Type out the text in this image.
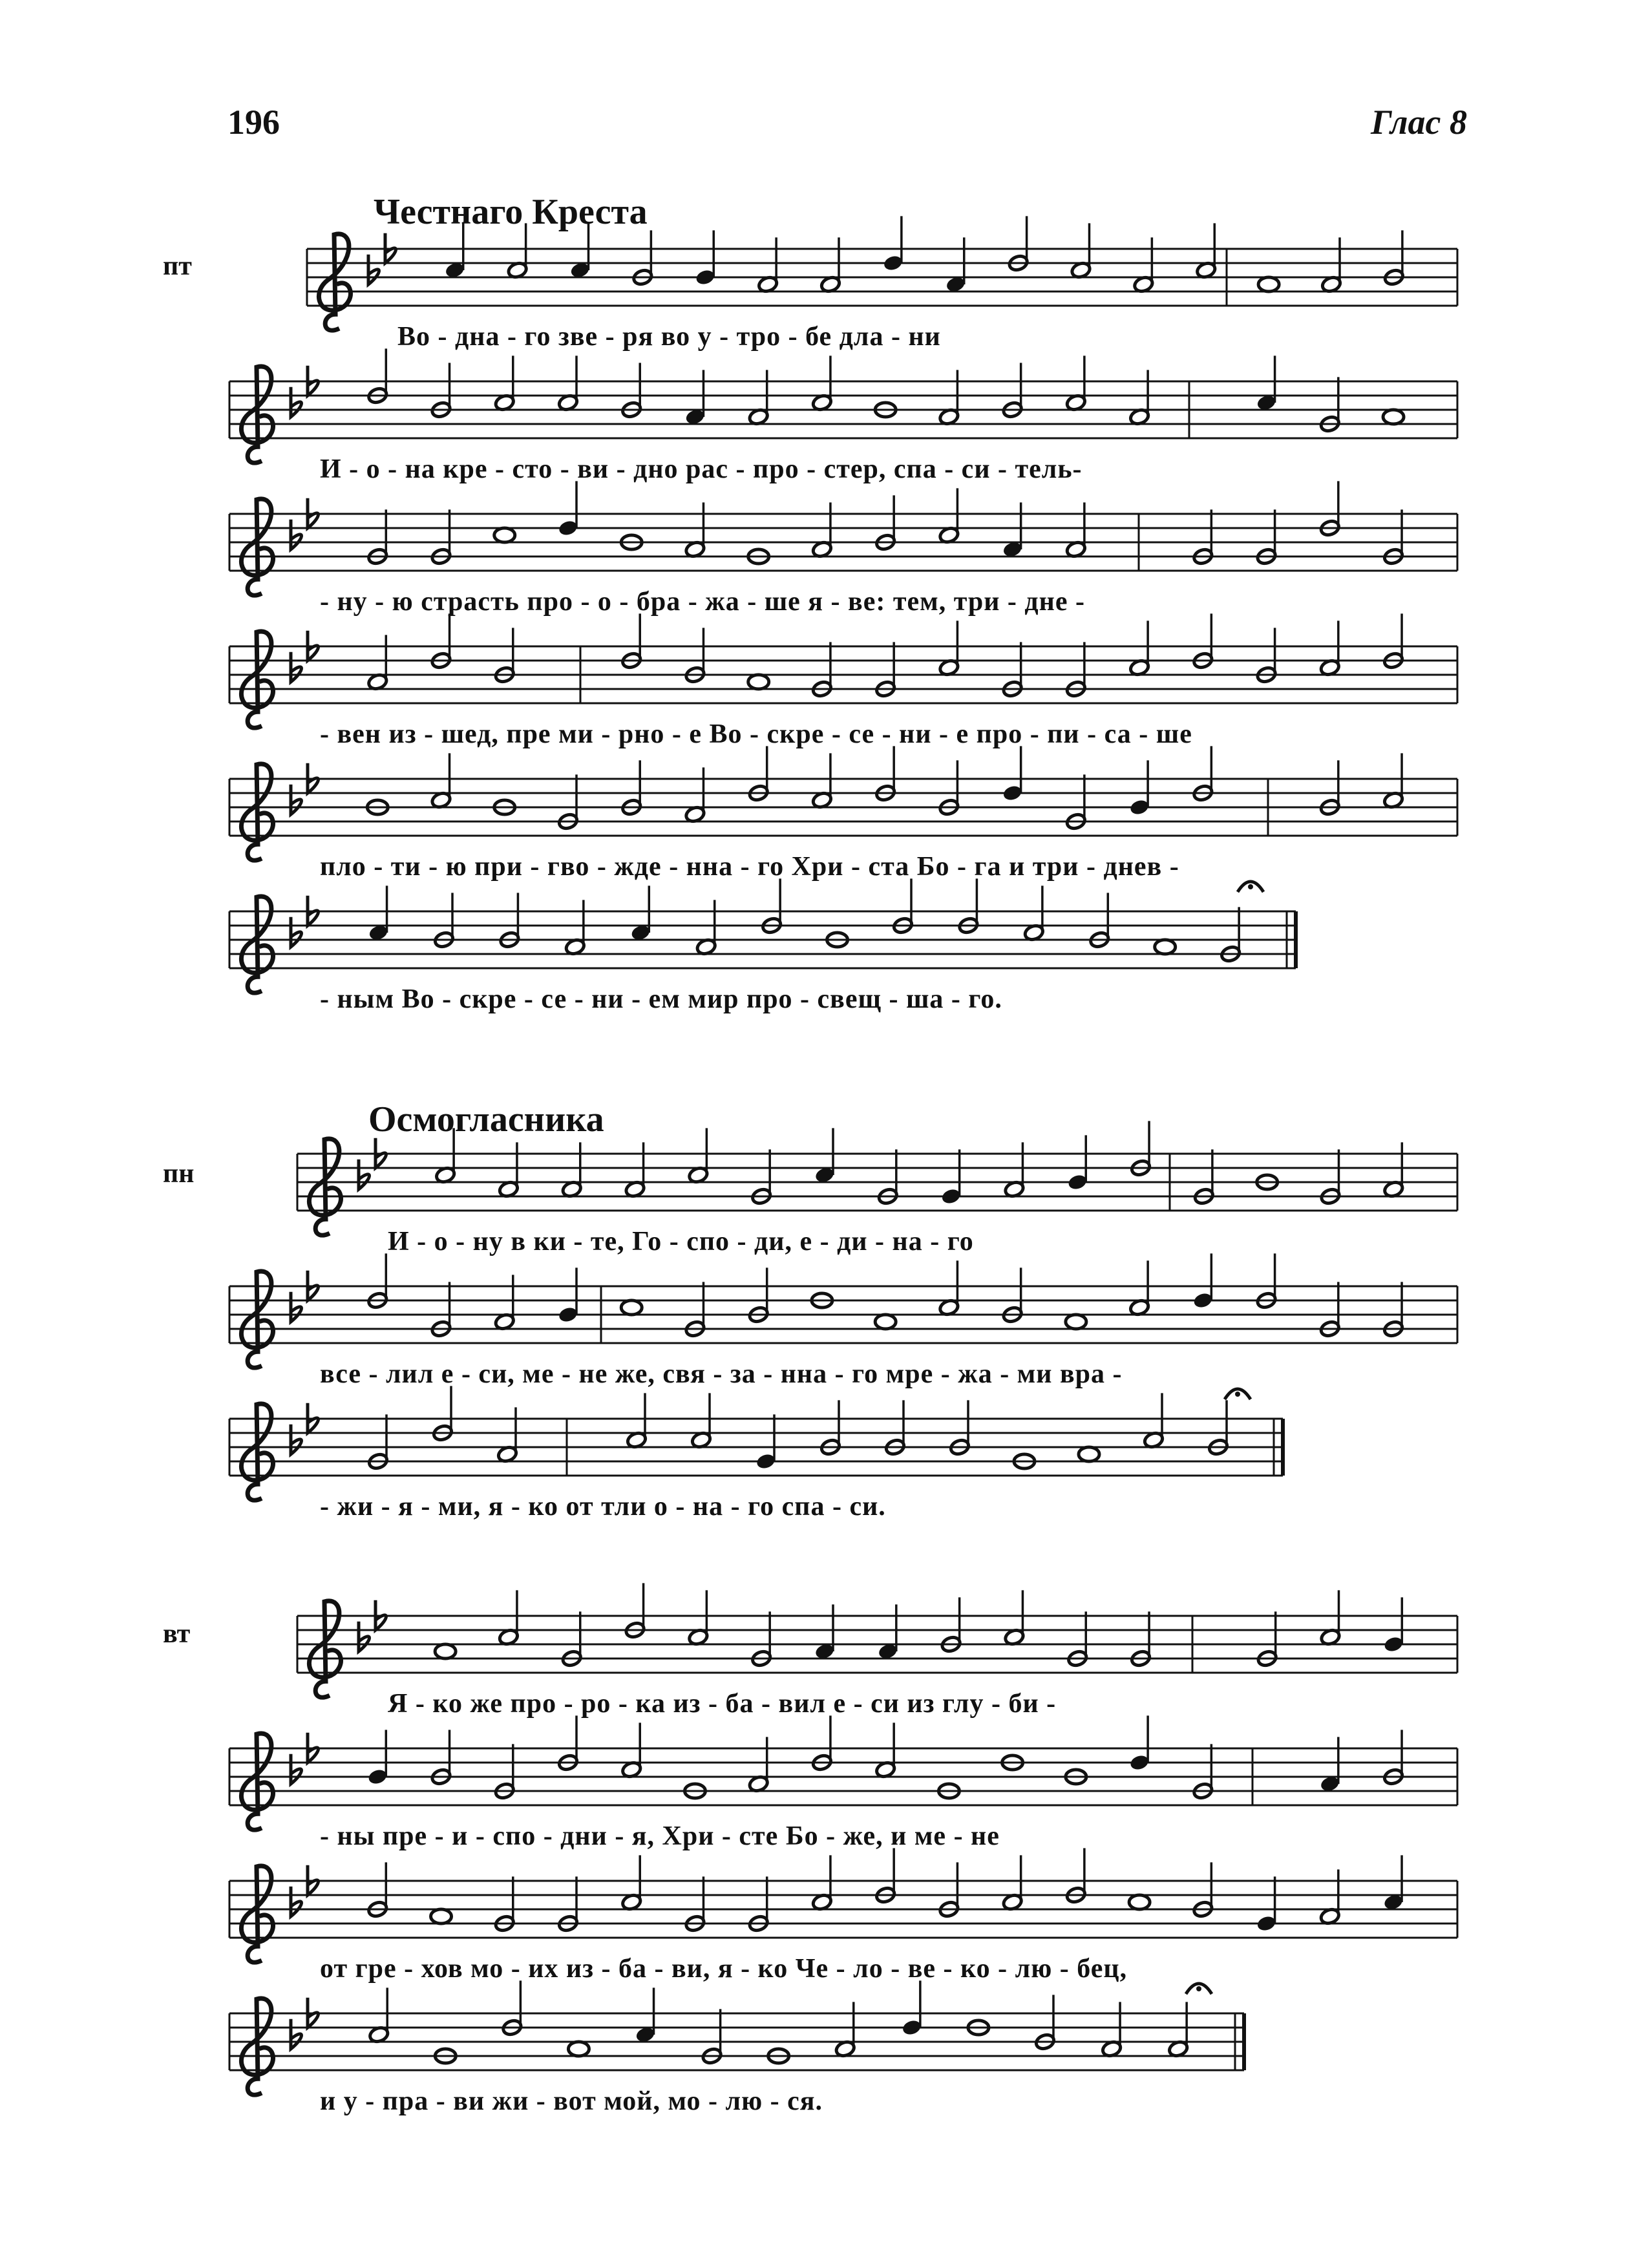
196	Глас 8
Честнаго Креста
Осмогласника
пт
пн
вт
Во - дна - го зве - ря во у - тро - бе дла - ни
И - о - на кре - сто - ви - дно рас - про - стер, спа - си - тель-
- ну - ю страсть про - о - бра - жа - ше я - ве: тем, три - дне -
- вен из - шед, пре ми - рно - е Во - скре - се - ни - е про - пи - са - ше
пло - ти - ю при - гво - жде - нна - го Хри - ста Бо - га и три - днев -
- ным Во - скре - се - ни - ем мир про - свещ - ша - го.
И - о - ну в ки - те, Го - спо - ди, е - ди - на - го
все - лил е - си, ме - не же, свя - за - нна - го мре - жа - ми вра -
- жи - я - ми, я - ко от тли о - на - го спа - си.
Я - ко же про - ро - ка из - ба - вил е - си из глу - би -
- ны пре - и - спо - дни - я, Хри - сте Бо - же, и ме - не
от гре - хов мо - их из - ба - ви, я - ко Че - ло - ве - ко - лю - бец,
и у - пра - ви жи - вот мой, мо - лю - ся.
